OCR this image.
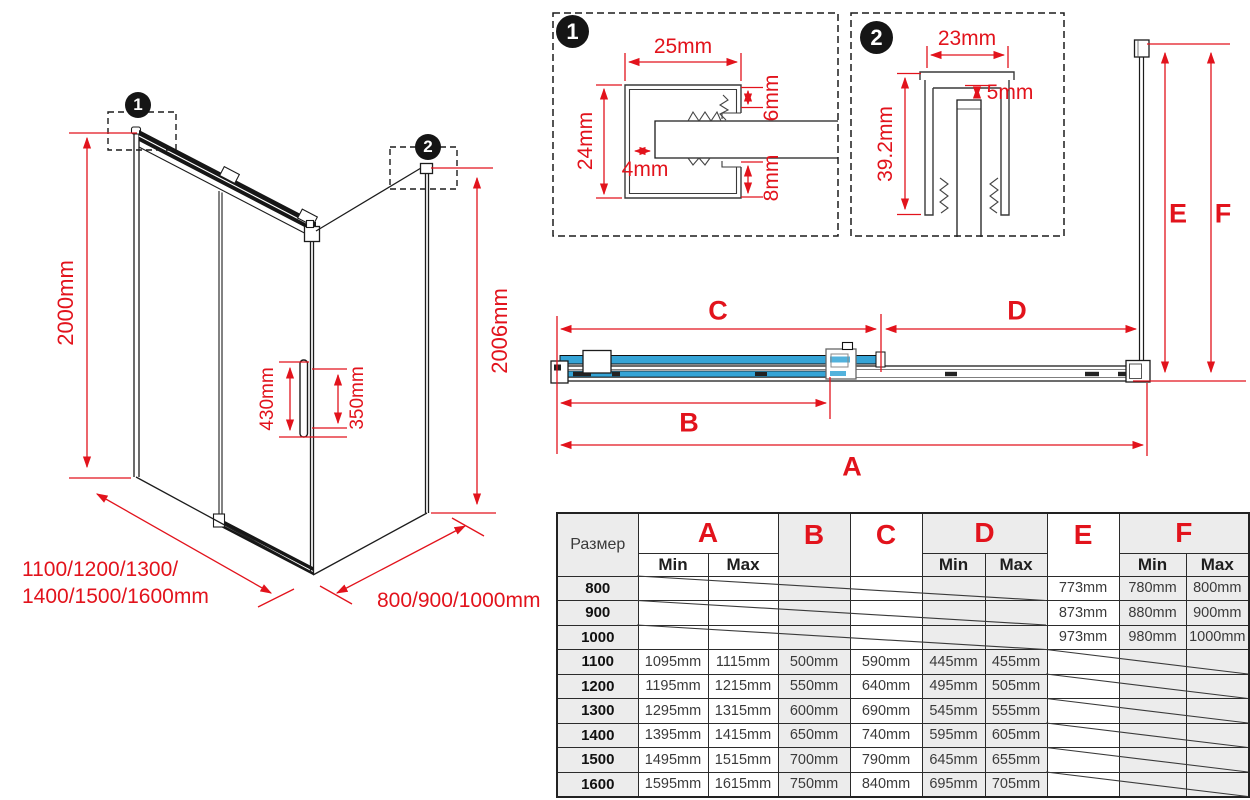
1
2
1	2
2000mm	2006mm
430mm	350mm
1100/1200/1300/
1400/1500/1600mm	800/900/1000mm
C	D
B
A
E F
25mm
24mm 4mm
6mm
8mm
23mm
5mm
39.2mm
Размер	A		B	C	D		E	F	
	Min	Max			Min	Max		Min	Max
800							773mm	780mm	800mm
900							873mm	880mm	900mm
1000							973mm	980mm	1000mm
1100	1095mm	1115mm	500mm	590mm	445mm	455mm			
1200	1195mm	1215mm	550mm	640mm	495mm	505mm			
1300	1295mm	1315mm	600mm	690mm	545mm	555mm			
1400	1395mm	1415mm	650mm	740mm	595mm	605mm			
1500	1495mm	1515mm	700mm	790mm	645mm	655mm			
1600	1595mm	1615mm	750mm	840mm	695mm	705mm			
